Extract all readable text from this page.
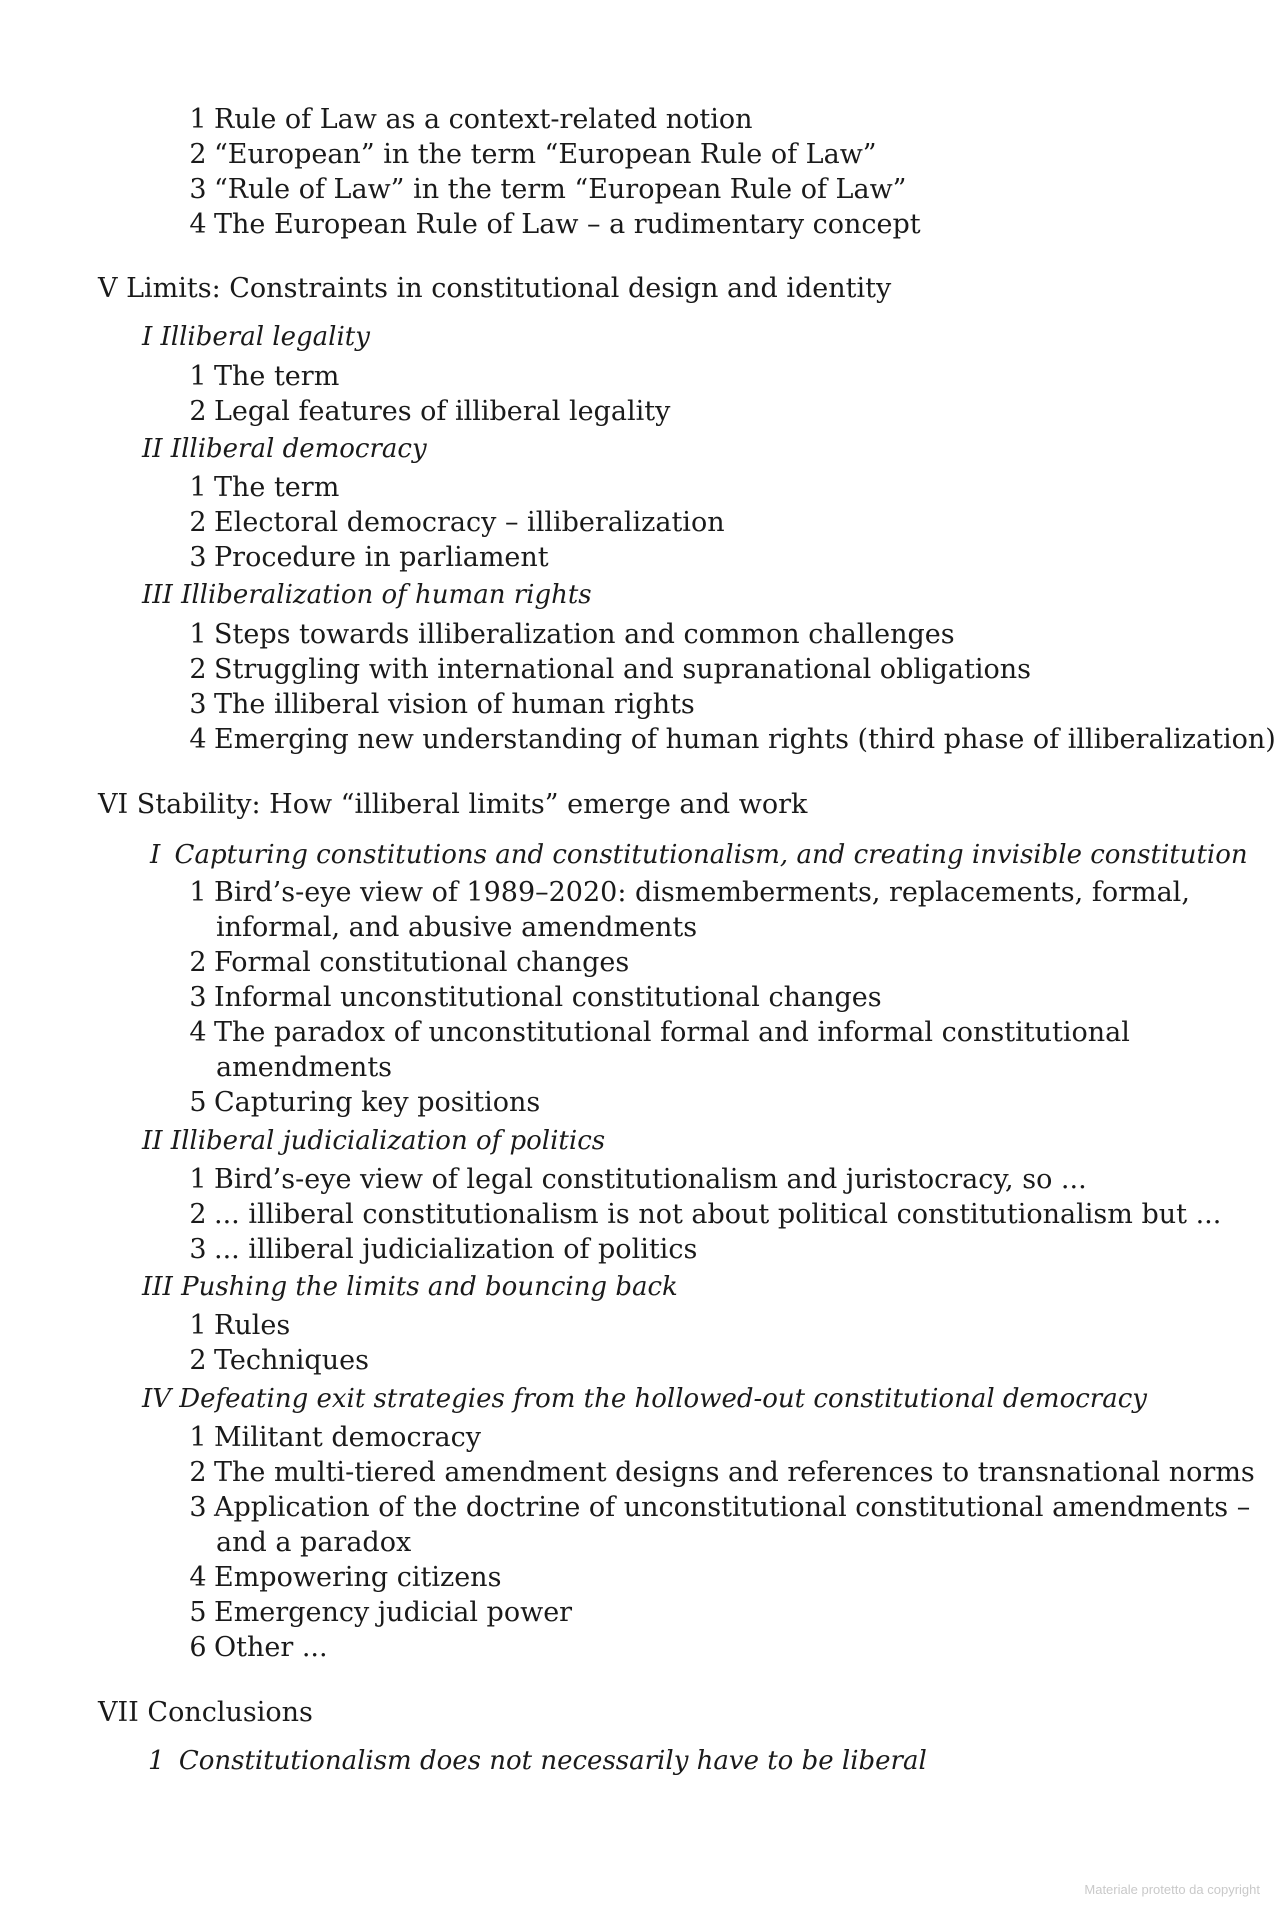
1 Rule of Law as a context-related notion
2 “European” in the term “European Rule of Law”
3 “Rule of Law” in the term “European Rule of Law”
4 The European Rule of Law – a rudimentary concept
V Limits: Constraints in constitutional design and identity
I Illiberal legality
1 The term
2 Legal features of illiberal legality
II Illiberal democracy
1 The term
2 Electoral democracy – illiberalization
3 Procedure in parliament
III Illiberalization of human rights
1 Steps towards illiberalization and common challenges
2 Struggling with international and supranational obligations
3 The illiberal vision of human rights
4 Emerging new understanding of human rights (third phase of illiberalization)
VI Stability: How “illiberal limits” emerge and work
I Capturing constitutions and constitutionalism, and creating invisible constitution
1 Bird’s-eye view of 1989–2020: dismemberments, replacements, formal,
informal, and abusive amendments
2 Formal constitutional changes
3 Informal unconstitutional constitutional changes
4 The paradox of unconstitutional formal and informal constitutional
amendments
5 Capturing key positions
II Illiberal judicialization of politics
1 Bird’s-eye view of legal constitutionalism and juristocracy, so ...
2 ... illiberal constitutionalism is not about political constitutionalism but ...
3 ... illiberal judicialization of politics
III Pushing the limits and bouncing back
1 Rules
2 Techniques
IV Defeating exit strategies from the hollowed-out constitutional democracy
1 Militant democracy
2 The multi-tiered amendment designs and references to transnational norms
3 Application of the doctrine of unconstitutional constitutional amendments –
and a paradox
4 Empowering citizens
5 Emergency judicial power
6 Other ...
VII Conclusions
1 Constitutionalism does not necessarily have to be liberal
Materiale protetto da copyright
